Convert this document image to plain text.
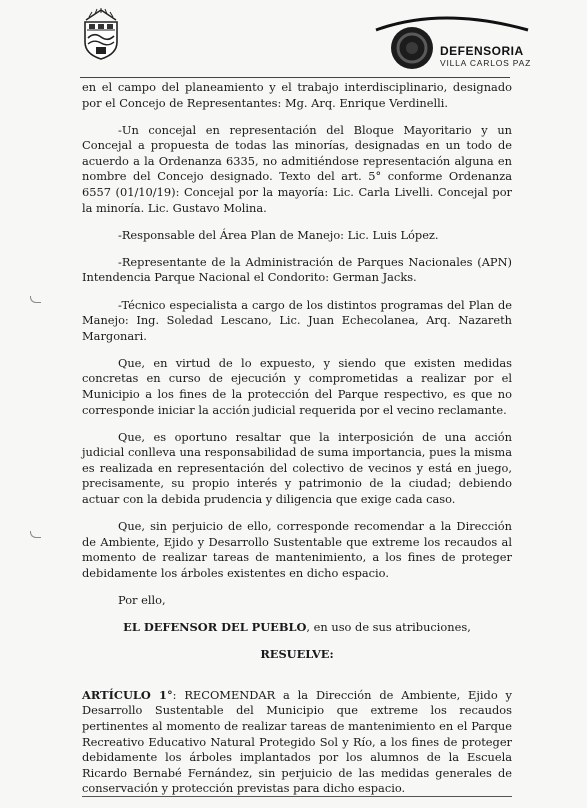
DEFENSORIA
VILLA CARLOS PAZ

en el campo del planeamiento y el trabajo interdisciplinario, designado por el Concejo de Representantes: Mg. Arq. Enrique Verdinelli.

-Un concejal en representación del Bloque Mayoritario y un Concejal a propuesta de todas las minorías, designadas en un todo de acuerdo a la Ordenanza 6335, no admitiéndose representación alguna en nombre del Concejo designado. Texto del art. 5° conforme Ordenanza 6557 (01/10/19): Concejal por la mayoría: Lic. Carla Livelli. Concejal por la minoría. Lic. Gustavo Molina.

-Responsable del Área Plan de Manejo: Lic. Luis López.

-Representante de la Administración de Parques Nacionales (APN) Intendencia Parque Nacional el Condorito: German Jacks.

-Técnico especialista a cargo de los distintos programas del Plan de Manejo: Ing. Soledad Lescano, Lic. Juan Echecolanea, Arq. Nazareth Margonari.

Que, en virtud de lo expuesto, y siendo que existen medidas concretas en curso de ejecución y comprometidas a realizar por el Municipio a los fines de la protección del Parque respectivo, es que no corresponde iniciar la acción judicial requerida por el vecino reclamante.

Que, es oportuno resaltar que la interposición de una acción judicial conlleva una responsabilidad de suma importancia, pues la misma es realizada en representación del colectivo de vecinos y está en juego, precisamente, su propio interés y patrimonio de la ciudad; debiendo actuar con la debida prudencia y diligencia que exige cada caso.

Que, sin perjuicio de ello, corresponde recomendar a la Dirección de Ambiente, Ejido y Desarrollo Sustentable que extreme los recaudos al momento de realizar tareas de mantenimiento, a los fines de proteger debidamente los árboles existentes en dicho espacio.

Por ello,

EL DEFENSOR DEL PUEBLO, en uso de sus atribuciones,

RESUELVE:

ARTÍCULO 1°: RECOMENDAR a la Dirección de Ambiente, Ejido y Desarrollo Sustentable del Municipio que extreme los recaudos pertinentes al momento de realizar tareas de mantenimiento en el Parque Recreativo Educativo Natural Protegido Sol y Río, a los fines de proteger debidamente los árboles implantados por los alumnos de la Escuela Ricardo Bernabé Fernández, sin perjuicio de las medidas generales de conservación y protección previstas para dicho espacio.
